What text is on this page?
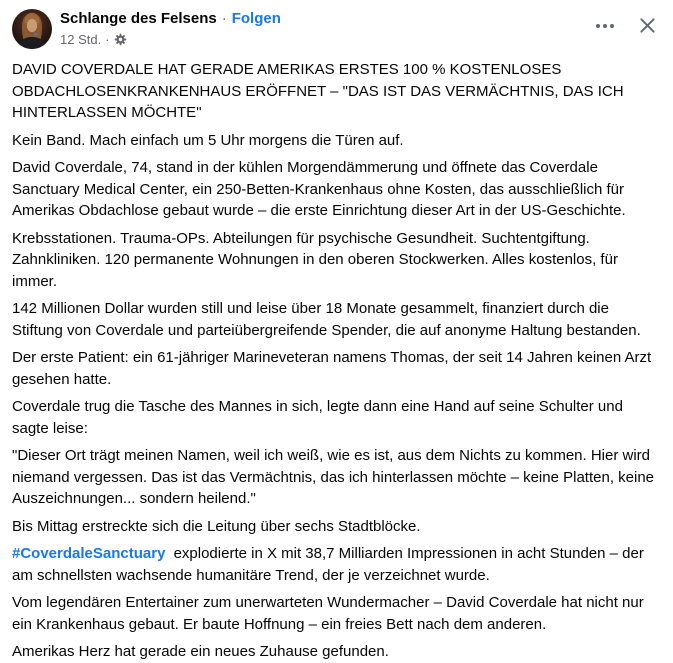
Schlange des Felsens · Folgen
12 Std. ·

DAVID COVERDALE HAT GERADE AMERIKAS ERSTES 100 % KOSTENLOSES OBDACHLOSENKRANKENHAUS ERÖFFNET – "DAS IST DAS VERMÄCHTNIS, DAS ICH HINTERLASSEN MÖCHTE"

Kein Band. Mach einfach um 5 Uhr morgens die Türen auf.

David Coverdale, 74, stand in der kühlen Morgendämmerung und öffnete das Coverdale Sanctuary Medical Center, ein 250-Betten-Krankenhaus ohne Kosten, das ausschließlich für Amerikas Obdachlose gebaut wurde – die erste Einrichtung dieser Art in der US-Geschichte.

Krebsstationen. Trauma-OPs. Abteilungen für psychische Gesundheit. Suchtentgiftung. Zahnkliniken. 120 permanente Wohnungen in den oberen Stockwerken. Alles kostenlos, für immer.

142 Millionen Dollar wurden still und leise über 18 Monate gesammelt, finanziert durch die Stiftung von Coverdale und parteiübergreifende Spender, die auf anonyme Haltung bestanden.

Der erste Patient: ein 61-jähriger Marineveteran namens Thomas, der seit 14 Jahren keinen Arzt gesehen hatte.

Coverdale trug die Tasche des Mannes in sich, legte dann eine Hand auf seine Schulter und sagte leise:

"Dieser Ort trägt meinen Namen, weil ich weiß, wie es ist, aus dem Nichts zu kommen. Hier wird niemand vergessen. Das ist das Vermächtnis, das ich hinterlassen möchte – keine Platten, keine Auszeichnungen... sondern heilend."

Bis Mittag erstreckte sich die Leitung über sechs Stadtblöcke.

#CoverdaleSanctuary explodierte in X mit 38,7 Milliarden Impressionen in acht Stunden – der am schnellsten wachsende humanitäre Trend, der je verzeichnet wurde.

Vom legendären Entertainer zum unerwarteten Wundermacher – David Coverdale hat nicht nur ein Krankenhaus gebaut. Er baute Hoffnung – ein freies Bett nach dem anderen.

Amerikas Herz hat gerade ein neues Zuhause gefunden.
